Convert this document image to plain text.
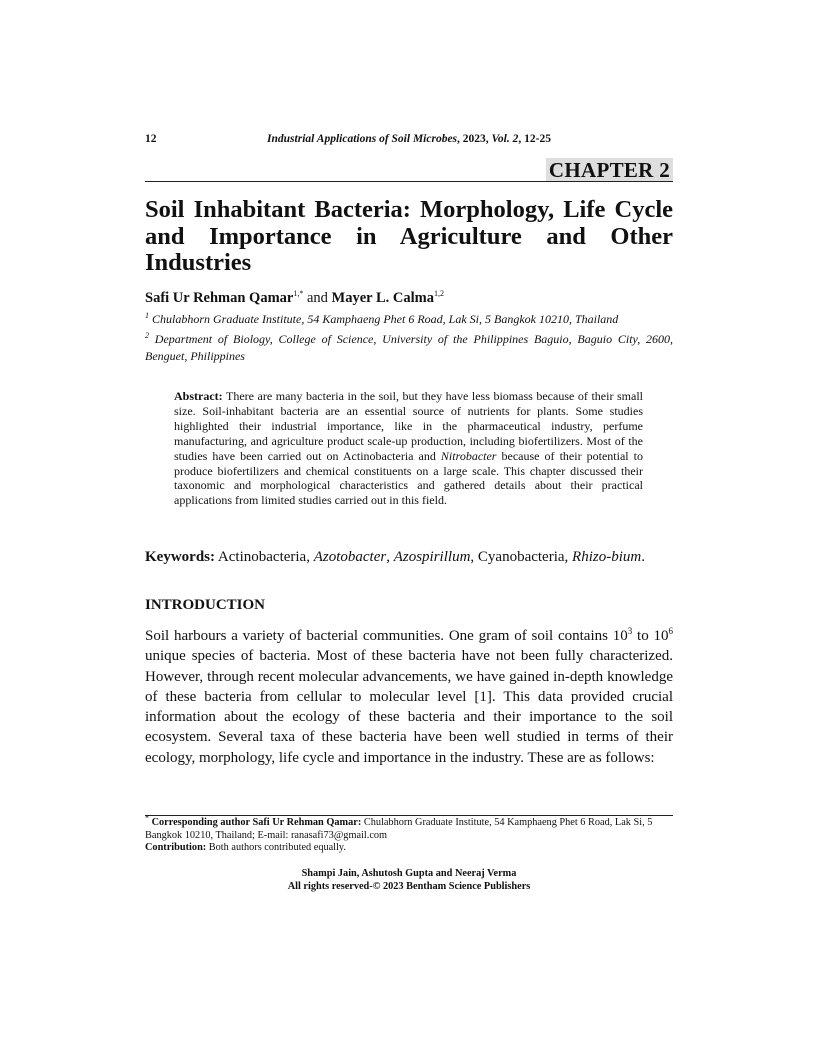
12	Industrial Applications of Soil Microbes, 2023, Vol. 2, 12-25
CHAPTER 2
Soil Inhabitant Bacteria: Morphology, Life Cycle and Importance in Agriculture and Other Industries
Safi Ur Rehman Qamar$^{1,*}$ and Mayer L. Calma$^{1,2}$
$^1$ Chulabhorn Graduate Institute, 54 Kamphaeng Phet 6 Road, Lak Si, 5 Bangkok 10210, Thailand
$^2$ Department of Biology, College of Science, University of the Philippines Baguio, Baguio City, 2600, Benguet, Philippines
Abstract: There are many bacteria in the soil, but they have less biomass because of their small size. Soil-inhabitant bacteria are an essential source of nutrients for plants. Some studies highlighted their industrial importance, like in the pharmaceutical industry, perfume manufacturing, and agriculture product scale-up production, including biofertilizers. Most of the studies have been carried out on Actinobacteria and Nitrobacter because of their potential to produce biofertilizers and chemical constituents on a large scale. This chapter discussed their taxonomic and morphological characteristics and gathered details about their practical applications from limited studies carried out in this field.
Keywords: Actinobacteria, Azotobacter, Azospirillum, Cyanobacteria, Rhizo-bium.
INTRODUCTION

Soil harbours a variety of bacterial communities. One gram of soil contains $10^3$ to $10^6$ unique species of bacteria. Most of these bacteria have not been fully characterized. However, through recent molecular advancements, we have gained in-depth knowledge of these bacteria from cellular to molecular level [1]. This data provided crucial information about the ecology of these bacteria and their importance to the soil ecosystem. Several taxa of these bacteria have been well studied in terms of their ecology, morphology, life cycle and importance in the industry. These are as follows:

* Corresponding author Safi Ur Rehman Qamar: Chulabhorn Graduate Institute, 54 Kamphaeng Phet 6 Road, Lak Si, 5 Bangkok 10210, Thailand; E-mail: ranasafi73@gmail.com
Contribution: Both authors contributed equally.
Shampi Jain, Ashutosh Gupta and Neeraj Verma
All rights reserved-© 2023 Bentham Science Publishers
